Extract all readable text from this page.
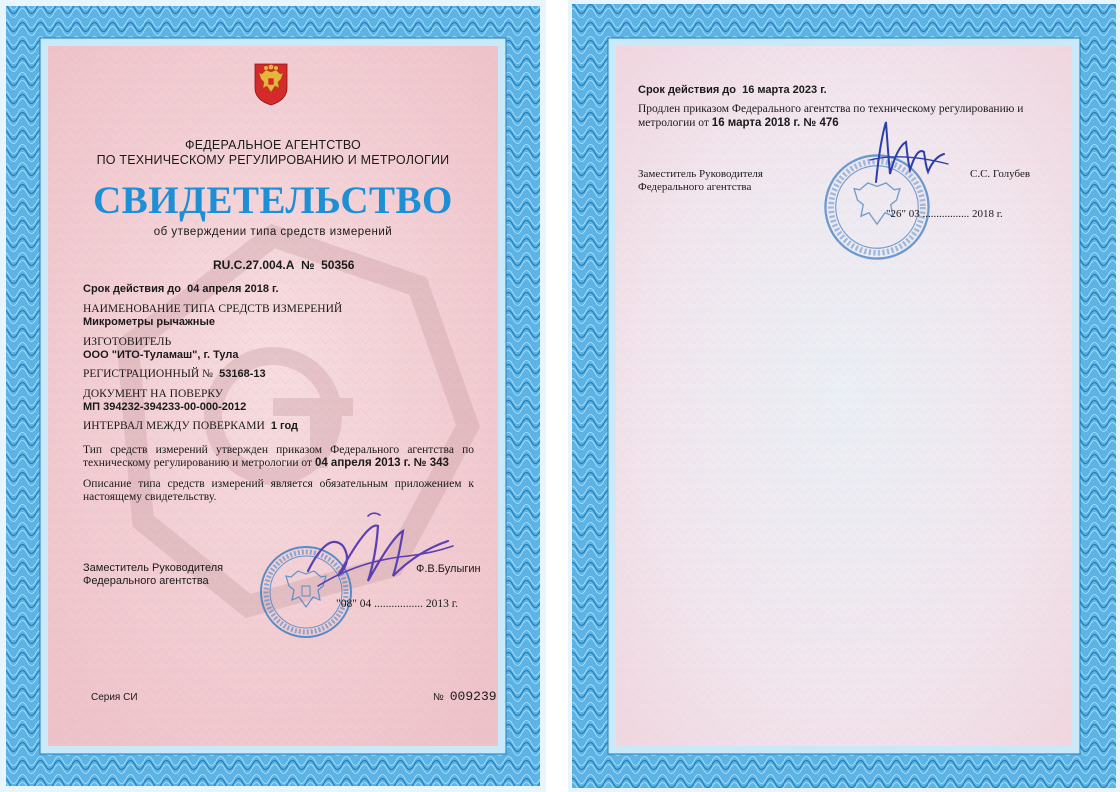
ФЕДЕРАЛЬНОЕ АГЕНТСТВО

ПО ТЕХНИЧЕСКОМУ РЕГУЛИРОВАНИЮ И МЕТРОЛОГИИ

СВИДЕТЕЛЬСТВО

об утверждении типа средств измерений

RU.C.27.004.A № 50356

Срок действия до 04 апреля 2018 г.

НАИМЕНОВАНИЕ ТИПА СРЕДСТВ ИЗМЕРЕНИЙ

Микрометры рычажные

ИЗГОТОВИТЕЛЬ

ООО "ИТО-Туламаш", г. Тула

РЕГИСТРАЦИОННЫЙ № 53168-13

ДОКУМЕНТ НА ПОВЕРКУ

МП 394232-394233-00-000-2012

ИНТЕРВАЛ МЕЖДУ ПОВЕРКАМИ 1 год

Тип средств измерений утвержден приказом Федерального агентства по техническому регулированию и метрологии от 04 апреля 2013 г. № 343

Описание типа средств измерений является обязательным приложением к настоящему свидетельству.

Заместитель Руководителя
Федерального агентства

Ф.В.Булыгин

"08" 04 ................. 2013 г.

Серия СИ	№ 009239

Срок действия до 16 марта 2023 г.

Продлен приказом Федерального агентства по техническому регулированию и метрологии от 16 марта 2018 г. № 476

Заместитель Руководителя
Федерального агентства

С.С. Голубев

"26" 03 ................. 2018 г.
